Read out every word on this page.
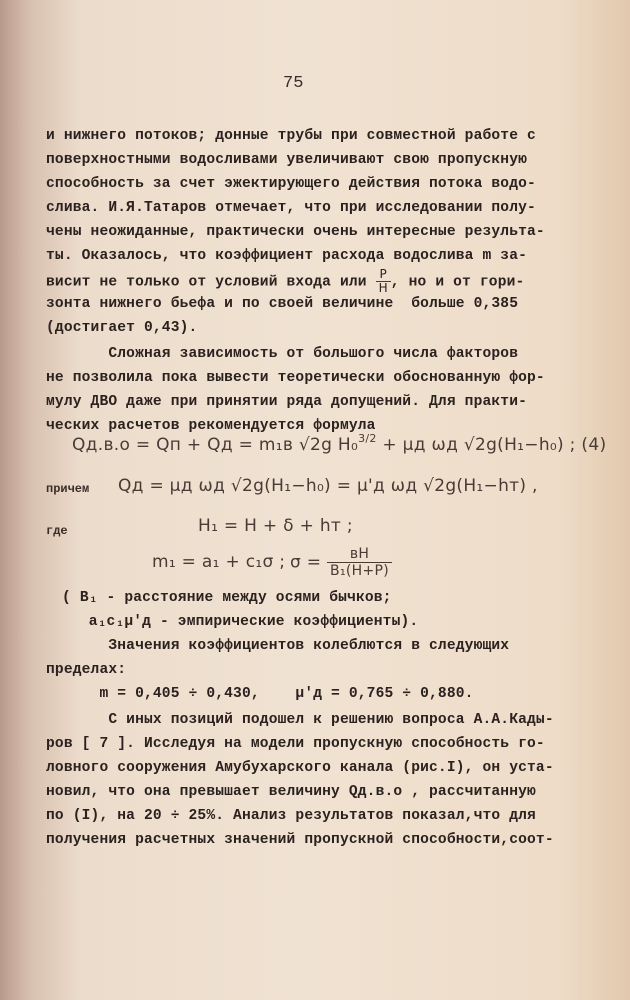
75
и нижнего потоков; донные трубы при совместной работе с
поверхностными водосливами увеличивают свою пропускную
способность за счет эжектирующего действия потока водо-
слива. И.Я.Татаров отмечает, что при исследовании полу-
чены неожиданные, практически очень интересные результа-
ты. Оказалось, что коэффициент расхода водослива m за-
висит не только от условий входа или $\frac{P}{H}$ , но и от гори-
зонта нижнего бьефа и по своей величине  больше 0,385
(достигает 0,43).
Сложная зависимость от большого числа факторов
не позволила пока вывести теоретически обоснованную фор-
мулу ДВО даже при принятии ряда допущений. Для практи-
ческих расчетов рекомендуется формула
Qд.в.о = Qп + Qд = m₁в √2g H₀$^{3/2}$ + μд ωд √2g(H₁−h₀) ; (4)
причем Qд = μд ωд √2g(H₁−h₀) = μ'д ωд √2g(H₁−hт) ,
где	H₁ = H + δ + hт ;
m₁ = a₁ + c₁σ ; $\sigma = \frac{вH}{\text{B₁(H+P)}}$
( B₁ - расстояние между осями бычков;
a₁c₁μ'д - эмпирические коэффициенты).
Значения коэффициентов колеблются в следующих
пределах:
m = 0,405 ÷ 0,430,    μ'д = 0,765 ÷ 0,880.
С иных позиций подошел к решению вопроса А.А.Кады-
ров [ 7 ]. Исследуя на модели пропускную способность го-
ловного сооружения Амубухарского канала (рис.I), он уста-
новил, что она превышает величину Qд.в.о , рассчитанную
по (I), на 20 ÷ 25%. Анализ результатов показал,что для
получения расчетных значений пропускной способности,соот-
